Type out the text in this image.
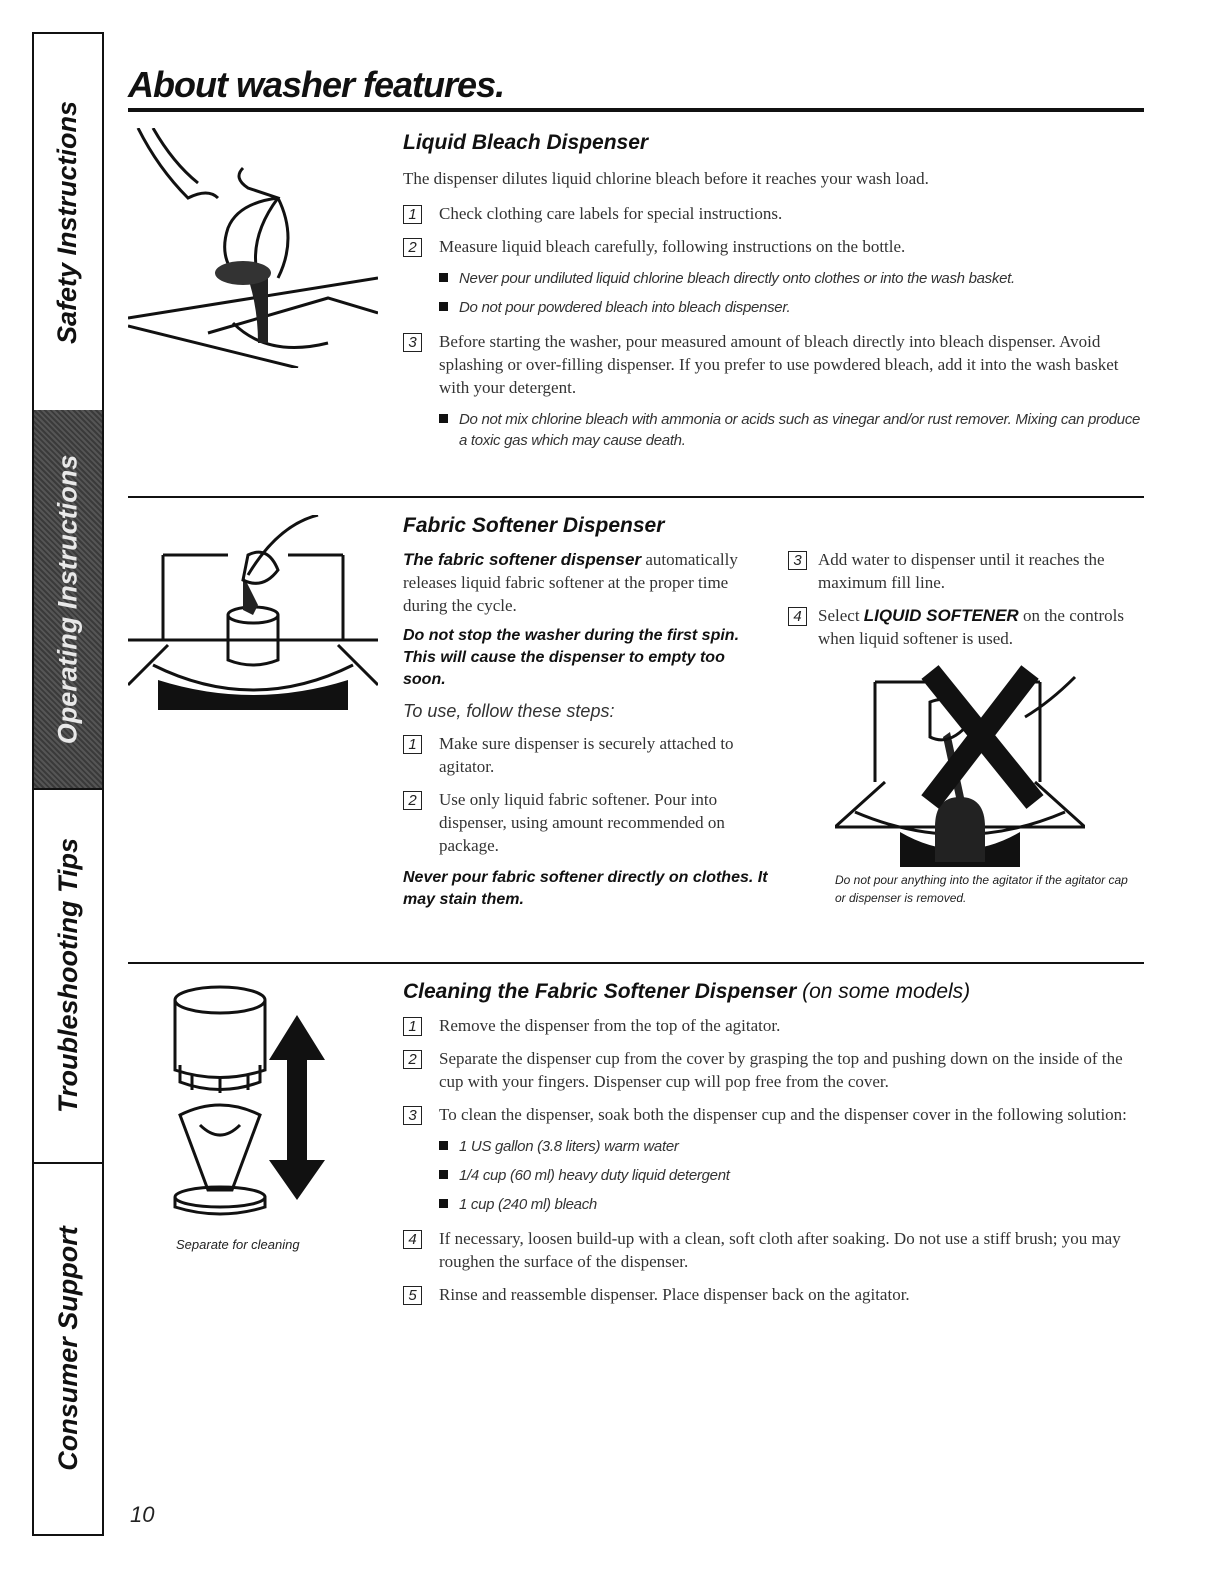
Safety Instructions
Operating Instructions
Troubleshooting Tips
Consumer Support
About washer features.
Liquid Bleach Dispenser

The dispenser dilutes liquid chlorine bleach before it reaches your wash load.

1	Check clothing care labels for special instructions.
2	Measure liquid bleach carefully, following instructions on the bottle.

Never pour undiluted liquid chlorine bleach directly onto clothes or into the wash basket.

Do not pour powdered bleach into bleach dispenser.

3	Before starting the washer, pour measured amount of bleach directly into bleach dispenser. Avoid splashing or over-filling dispenser. If you prefer to use powdered bleach, add it into the wash basket with your detergent.

Do not mix chlorine bleach with ammonia or acids such as vinegar and/or rust remover. Mixing can produce a toxic gas which may cause death.

Fabric Softener Dispenser

The fabric softener dispenser automatically releases liquid fabric softener at the proper time during the cycle.

Do not stop the washer during the first spin. This will cause the dispenser to empty too soon.

To use, follow these steps:

1	Make sure dispenser is securely attached to agitator.
2	Use only liquid fabric softener. Pour into dispenser, using amount recommended on package.

Never pour fabric softener directly on clothes. It may stain them.

3 Add water to dispenser until it reaches the maximum fill line.
4 Select LIQUID SOFTENER on the controls when liquid softener is used.
Do not pour anything into the agitator if the agitator cap or dispenser is removed.
Separate for cleaning
Cleaning the Fabric Softener Dispenser (on some models)
1	Remove the dispenser from the top of the agitator.
2	Separate the dispenser cup from the cover by grasping the top and pushing down on the inside of the cup with your fingers. Dispenser cup will pop free from the cover.
3	To clean the dispenser, soak both the dispenser cup and the dispenser cover in the following solution:

1 US gallon (3.8 liters) warm water

1/4 cup (60 ml) heavy duty liquid detergent

1 cup (240 ml) bleach

4	If necessary, loosen build-up with a clean, soft cloth after soaking. Do not use a stiff brush; you may roughen the surface of the dispenser.
5	Rinse and reassemble dispenser. Place dispenser back on the agitator.
10
